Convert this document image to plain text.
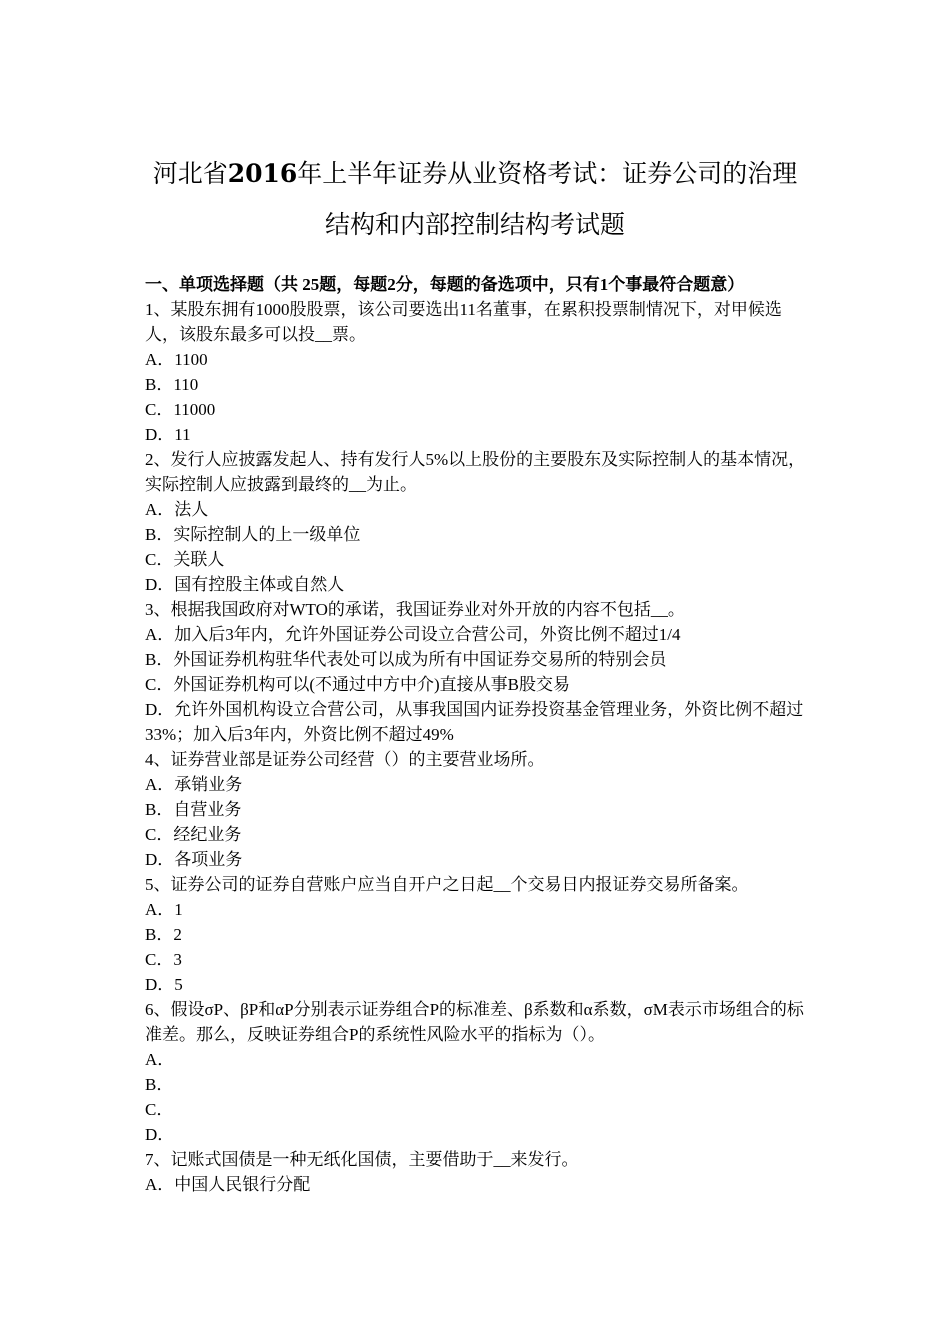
河北省2016年上半年证券从业资格考试：证券公司的治理
结构和内部控制结构考试题

一、单项选择题（共 25题，每题2分，每题的备选项中，只有1个事最符合题意）

1、某股东拥有1000股股票，该公司要选出11名董事，在累积投票制情况下，对甲候选人，该股东最多可以投__票。

A．1100

B．110

C．11000

D．11

2、发行人应披露发起人、持有发行人5%以上股份的主要股东及实际控制人的基本情况，实际控制人应披露到最终的__为止。

A．法人

B．实际控制人的上一级单位

C．关联人

D．国有控股主体或自然人

3、根据我国政府对WTO的承诺，我国证券业对外开放的内容不包括__。

A．加入后3年内，允许外国证券公司设立合营公司，外资比例不超过1/4

B．外国证券机构驻华代表处可以成为所有中国证券交易所的特别会员

C．外国证券机构可以(不通过中方中介)直接从事B股交易

D．允许外国机构设立合营公司，从事我国国内证券投资基金管理业务，外资比例不超过33%；加入后3年内，外资比例不超过49%

4、证券营业部是证券公司经营（）的主要营业场所。

A．承销业务

B．自营业务

C．经纪业务

D．各项业务

5、证券公司的证券自营账户应当自开户之日起__个交易日内报证券交易所备案。

A．1

B．2

C．3

D．5

6、假设σP、βP和αP分别表示证券组合P的标准差、β系数和α系数，σM表示市场组合的标准差。那么，反映证券组合P的系统性风险水平的指标为（）。

A．

B．

C．

D．

7、记账式国债是一种无纸化国债，主要借助于__来发行。

A．中国人民银行分配
